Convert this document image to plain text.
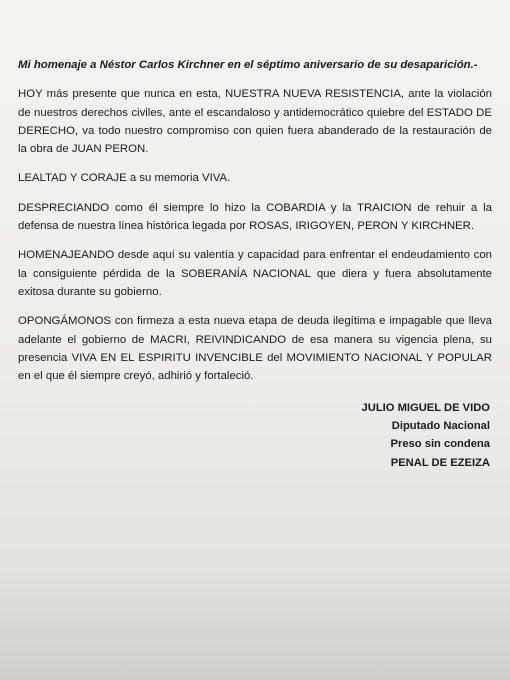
Mi homenaje a Néstor Carlos Kirchner en el séptimo aniversario de su desaparición.-

HOY más presente que nunca en esta, NUESTRA NUEVA RESISTENCIA, ante la violación de nuestros derechos civiles, ante el escandaloso y antidemocrático quiebre del ESTADO DE DERECHO, va todo nuestro compromiso con quien fuera abanderado de la restauración de la obra de JUAN PERON.

LEALTAD Y CORAJE a su memoria VIVA.

DESPRECIANDO como él siempre lo hizo la COBARDIA y la TRAICION de rehuir a la defensa de nuestra línea histórica legada por ROSAS, IRIGOYEN, PERON Y KIRCHNER.

HOMENAJEANDO desde aquí su valentía y capacidad para enfrentar el endeudamiento con la consiguiente pérdida de la SOBERANÍA NACIONAL que diera y fuera absolutamente exitosa durante su gobierno.

OPONGÁMONOS con firmeza a esta nueva etapa de deuda ilegítima e impagable que lleva adelante el gobierno de MACRI, REIVINDICANDO de esa manera su vigencia plena, su presencia VIVA EN EL ESPIRITU INVENCIBLE del MOVIMIENTO NACIONAL Y POPULAR en el que él siempre creyó, adhirió y fortaleció.

JULIO MIGUEL DE VIDO
Diputado Nacional
Preso sin condena
PENAL DE EZEIZA
